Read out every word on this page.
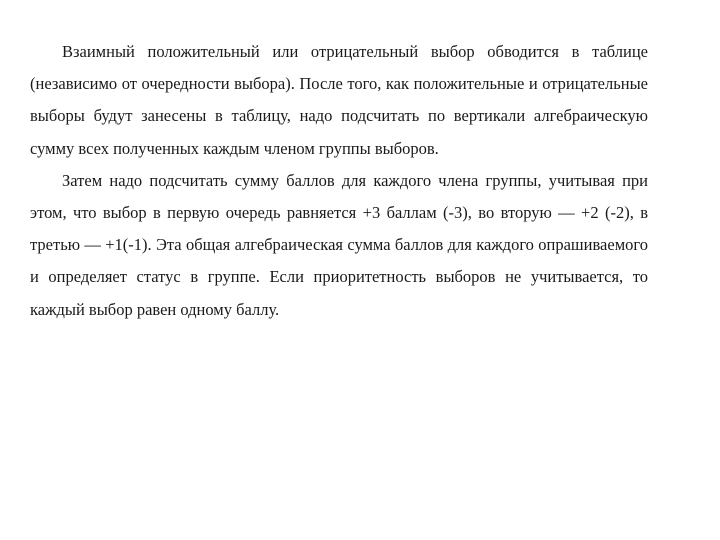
Взаимный положительный или отрицательный выбор обводится в таблице (независимо от очередности выбора). После того, как положительные и отрицательные выборы будут занесены в таблицу, надо подсчитать по вертикали алгебраическую сумму всех полученных каждым членом группы выборов.

Затем надо подсчитать сумму баллов для каждого члена группы, учитывая при этом, что выбор в первую очередь равняется +3 баллам (-3), во вторую — +2 (-2), в третью — +1(-1). Эта общая алгебраическая сумма баллов для каждого опрашиваемого и определяет статус в группе. Если приоритетность выборов не учитывается, то каждый выбор равен одному баллу.
